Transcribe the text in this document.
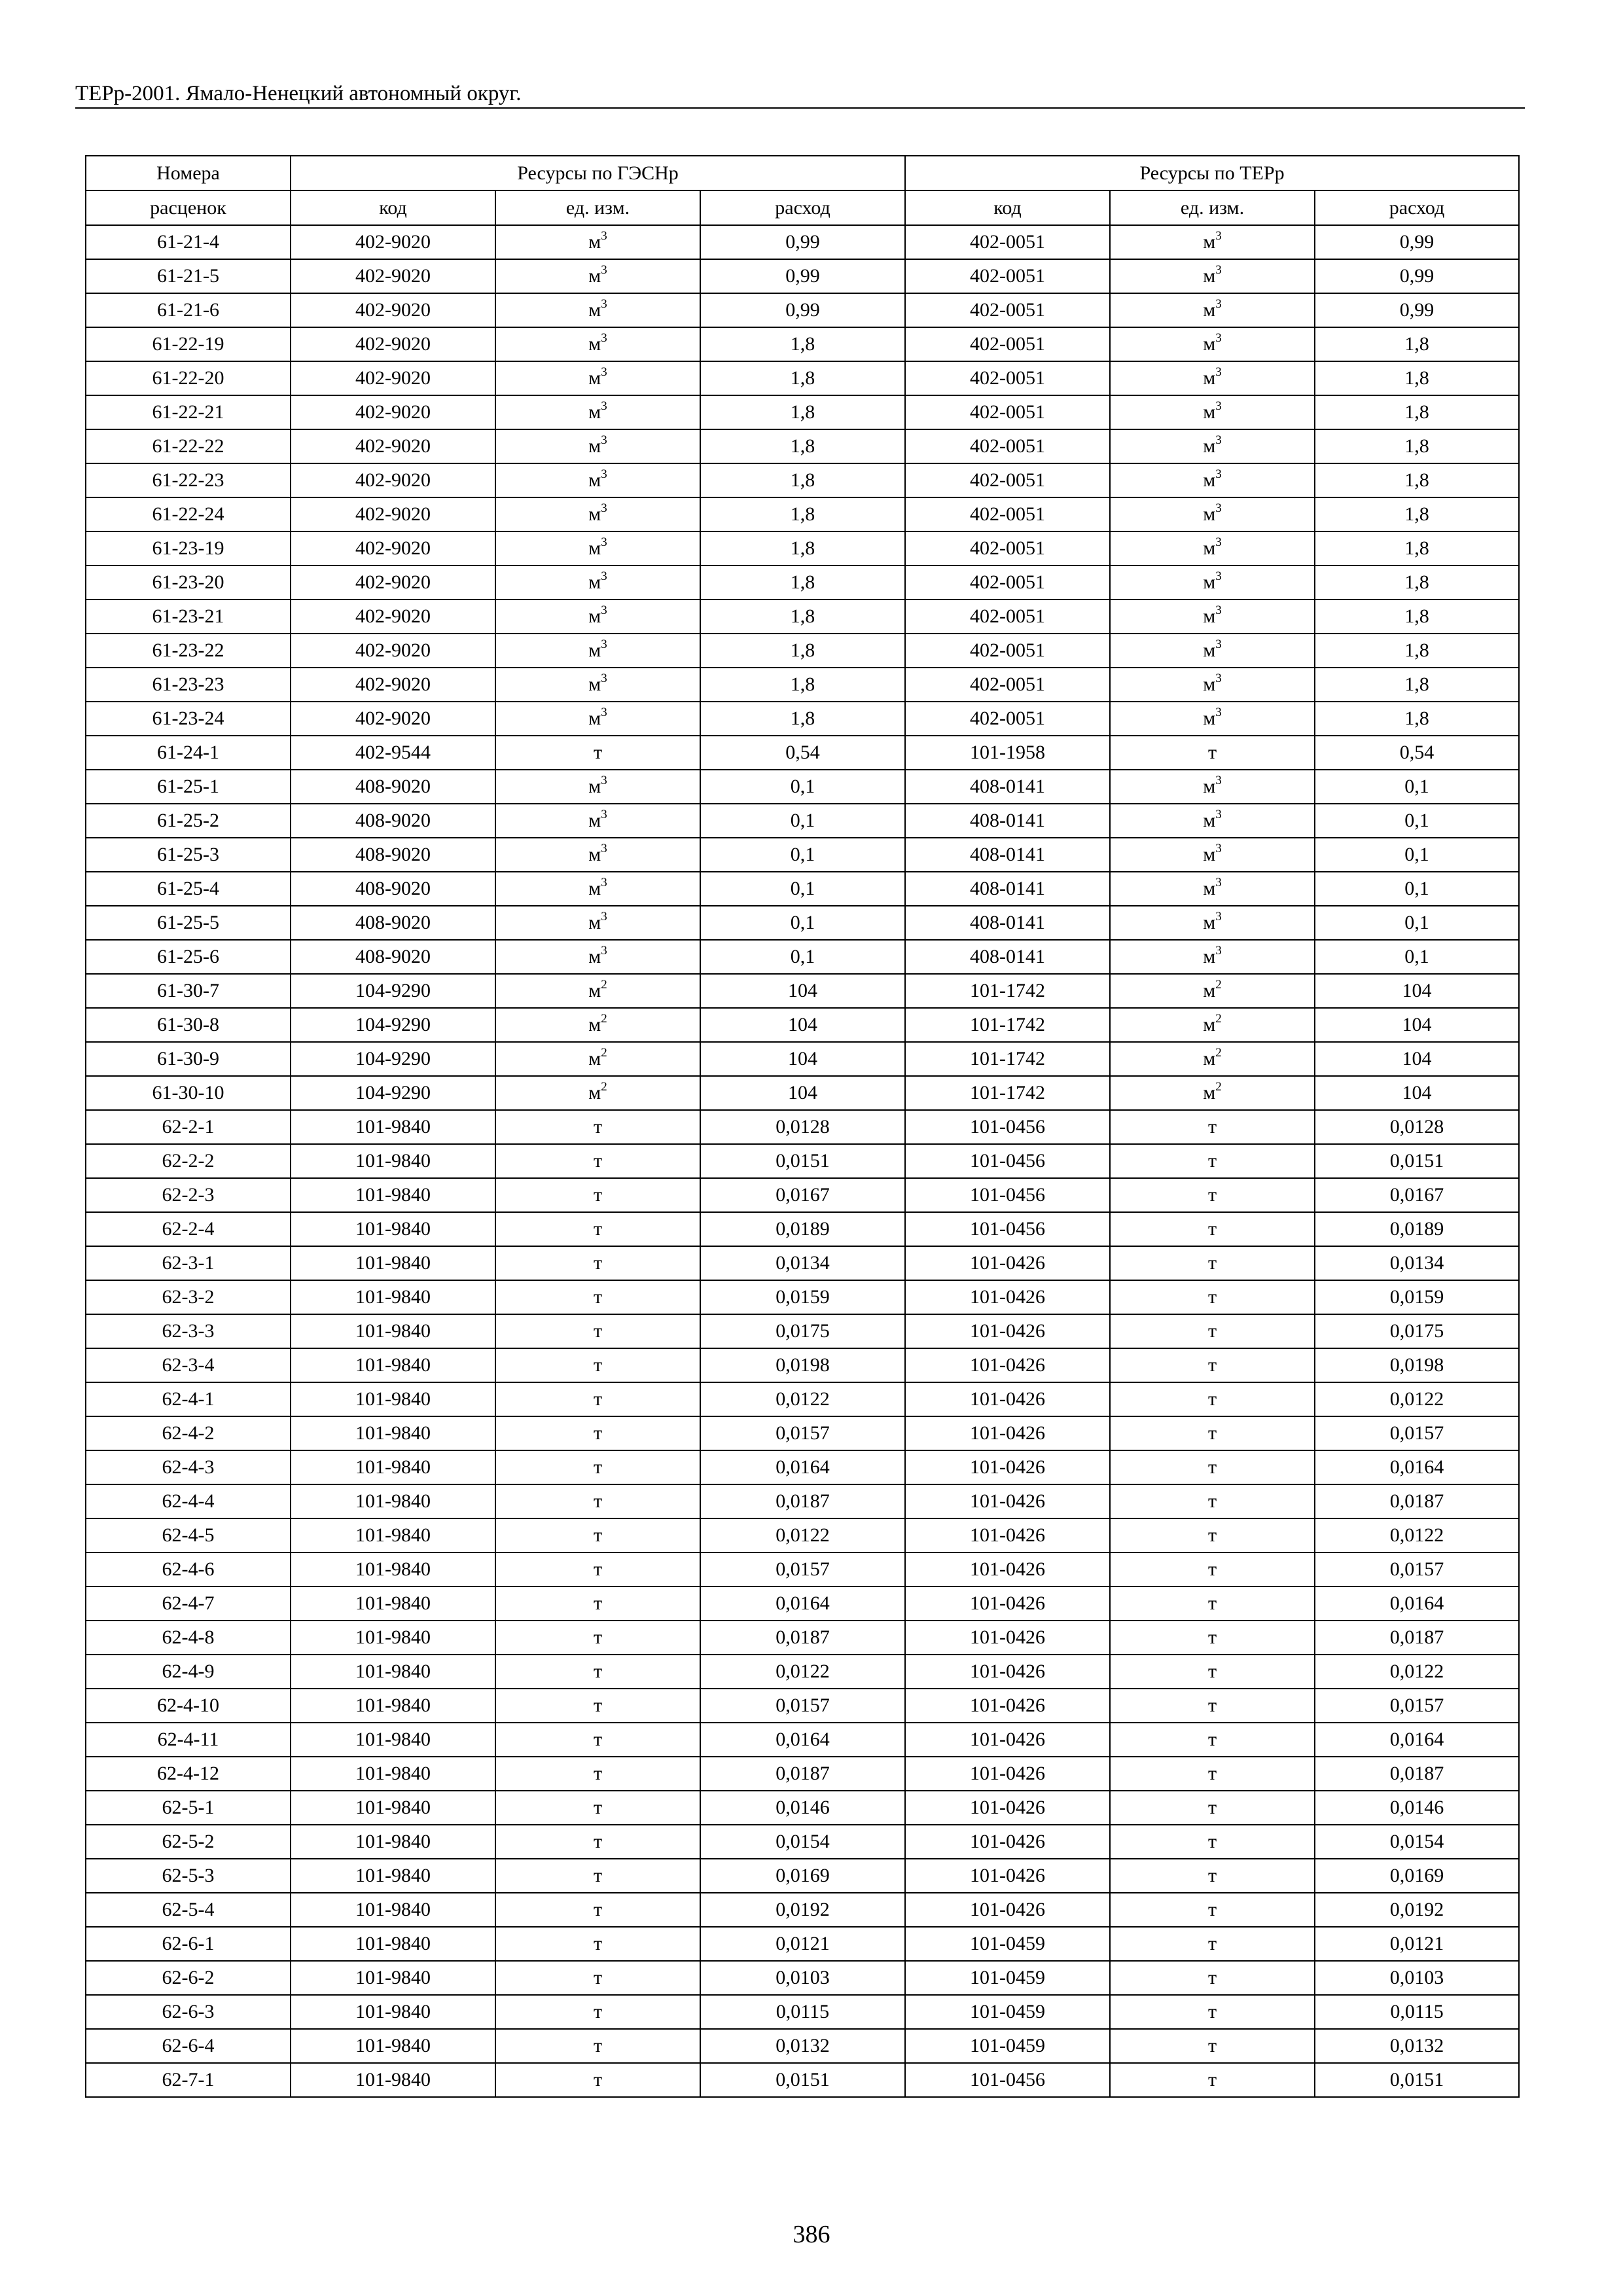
ТЕРр-2001. Ямало-Ненецкий автономный округ.
Номера	Ресурсы по ГЭСНр			Ресурсы по ТЕРр		
расценок	код	ед. изм.	расход	код	ед. изм.	расход
61-21-4	402-9020	$м^3$	0,99	402-0051	$м^3$	0,99
61-21-5	402-9020	$м^3$	0,99	402-0051	$м^3$	0,99
61-21-6	402-9020	$м^3$	0,99	402-0051	$м^3$	0,99
61-22-19	402-9020	$м^3$	1,8	402-0051	$м^3$	1,8
61-22-20	402-9020	$м^3$	1,8	402-0051	$м^3$	1,8
61-22-21	402-9020	$м^3$	1,8	402-0051	$м^3$	1,8
61-22-22	402-9020	$м^3$	1,8	402-0051	$м^3$	1,8
61-22-23	402-9020	$м^3$	1,8	402-0051	$м^3$	1,8
61-22-24	402-9020	$м^3$	1,8	402-0051	$м^3$	1,8
61-23-19	402-9020	$м^3$	1,8	402-0051	$м^3$	1,8
61-23-20	402-9020	$м^3$	1,8	402-0051	$м^3$	1,8
61-23-21	402-9020	$м^3$	1,8	402-0051	$м^3$	1,8
61-23-22	402-9020	$м^3$	1,8	402-0051	$м^3$	1,8
61-23-23	402-9020	$м^3$	1,8	402-0051	$м^3$	1,8
61-23-24	402-9020	$м^3$	1,8	402-0051	$м^3$	1,8
61-24-1	402-9544	т	0,54	101-1958	т	0,54
61-25-1	408-9020	$м^3$	0,1	408-0141	$м^3$	0,1
61-25-2	408-9020	$м^3$	0,1	408-0141	$м^3$	0,1
61-25-3	408-9020	$м^3$	0,1	408-0141	$м^3$	0,1
61-25-4	408-9020	$м^3$	0,1	408-0141	$м^3$	0,1
61-25-5	408-9020	$м^3$	0,1	408-0141	$м^3$	0,1
61-25-6	408-9020	$м^3$	0,1	408-0141	$м^3$	0,1
61-30-7	104-9290	$м^2$	104	101-1742	$м^2$	104
61-30-8	104-9290	$м^2$	104	101-1742	$м^2$	104
61-30-9	104-9290	$м^2$	104	101-1742	$м^2$	104
61-30-10	104-9290	$м^2$	104	101-1742	$м^2$	104
62-2-1	101-9840	т	0,0128	101-0456	т	0,0128
62-2-2	101-9840	т	0,0151	101-0456	т	0,0151
62-2-3	101-9840	т	0,0167	101-0456	т	0,0167
62-2-4	101-9840	т	0,0189	101-0456	т	0,0189
62-3-1	101-9840	т	0,0134	101-0426	т	0,0134
62-3-2	101-9840	т	0,0159	101-0426	т	0,0159
62-3-3	101-9840	т	0,0175	101-0426	т	0,0175
62-3-4	101-9840	т	0,0198	101-0426	т	0,0198
62-4-1	101-9840	т	0,0122	101-0426	т	0,0122
62-4-2	101-9840	т	0,0157	101-0426	т	0,0157
62-4-3	101-9840	т	0,0164	101-0426	т	0,0164
62-4-4	101-9840	т	0,0187	101-0426	т	0,0187
62-4-5	101-9840	т	0,0122	101-0426	т	0,0122
62-4-6	101-9840	т	0,0157	101-0426	т	0,0157
62-4-7	101-9840	т	0,0164	101-0426	т	0,0164
62-4-8	101-9840	т	0,0187	101-0426	т	0,0187
62-4-9	101-9840	т	0,0122	101-0426	т	0,0122
62-4-10	101-9840	т	0,0157	101-0426	т	0,0157
62-4-11	101-9840	т	0,0164	101-0426	т	0,0164
62-4-12	101-9840	т	0,0187	101-0426	т	0,0187
62-5-1	101-9840	т	0,0146	101-0426	т	0,0146
62-5-2	101-9840	т	0,0154	101-0426	т	0,0154
62-5-3	101-9840	т	0,0169	101-0426	т	0,0169
62-5-4	101-9840	т	0,0192	101-0426	т	0,0192
62-6-1	101-9840	т	0,0121	101-0459	т	0,0121
62-6-2	101-9840	т	0,0103	101-0459	т	0,0103
62-6-3	101-9840	т	0,0115	101-0459	т	0,0115
62-6-4	101-9840	т	0,0132	101-0459	т	0,0132
62-7-1	101-9840	т	0,0151	101-0456	т	0,0151
386
